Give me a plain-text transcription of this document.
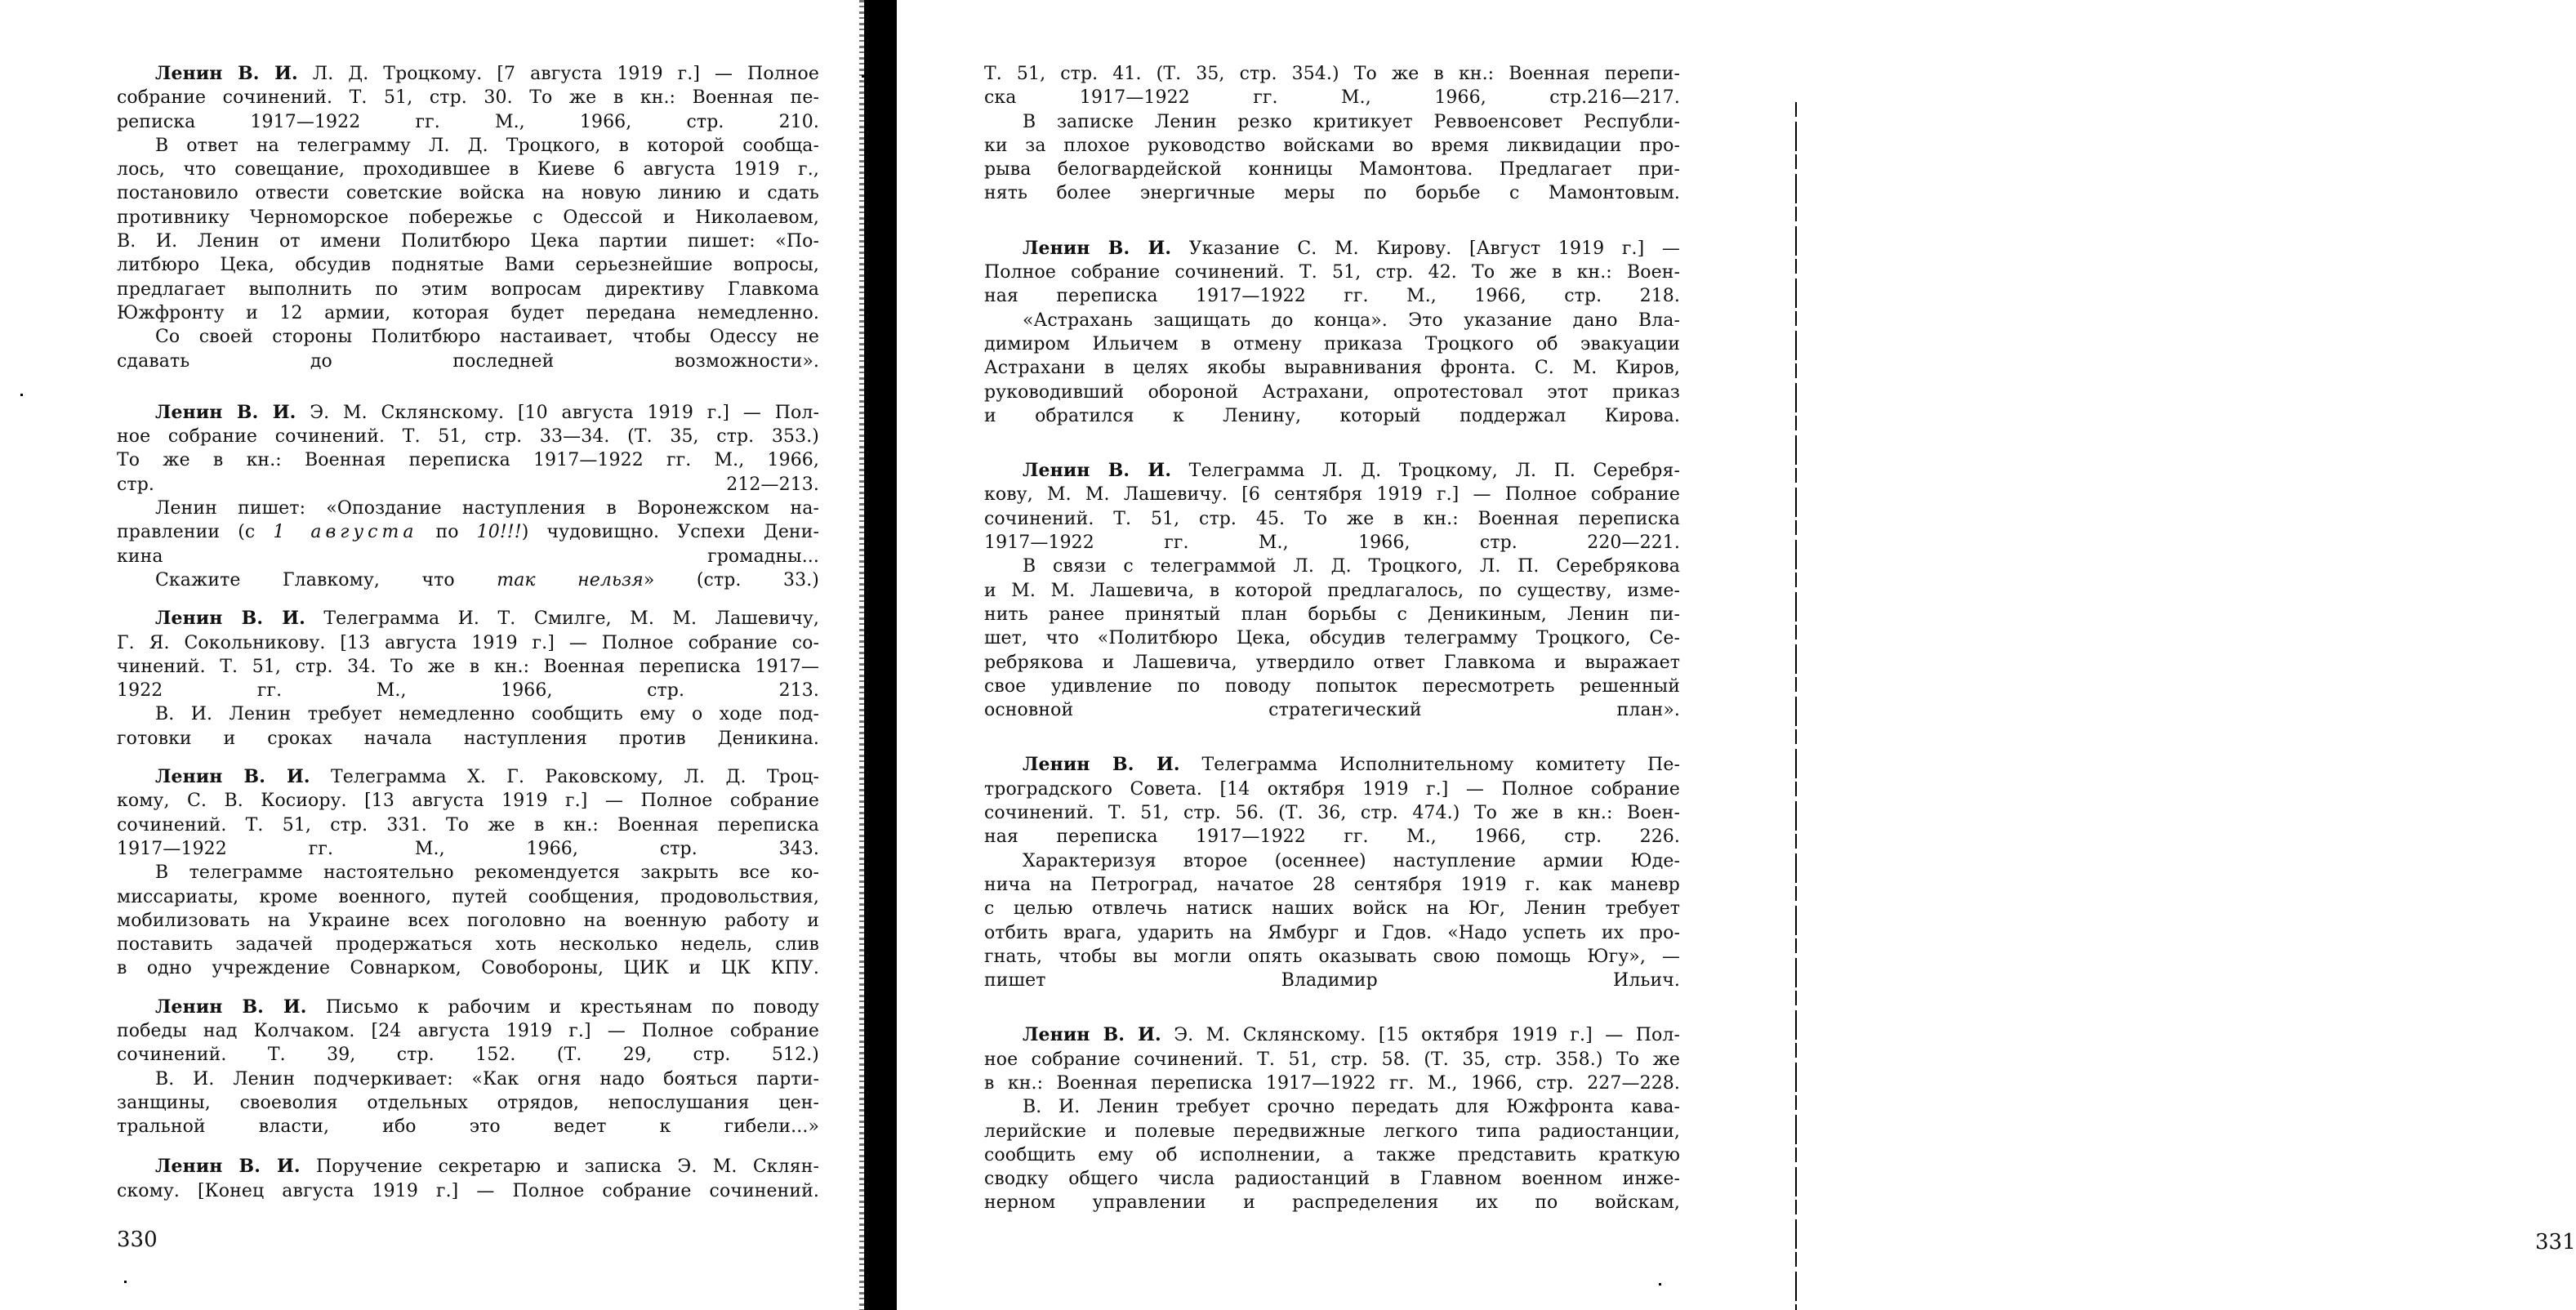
Ленин В. И. Л. Д. Троцкому. [7 августа 1919 г.] — Полное
собрание сочинений. Т. 51, стр. 30. То же в кн.: Военная пе-
реписка 1917—1922 гг. М., 1966, стр. 210.
В ответ на телеграмму Л. Д. Троцкого, в которой сообща-
лось, что совещание, проходившее в Киеве 6 августа 1919 г.,
постановило отвести советские войска на новую линию и сдать
противнику Черноморское побережье с Одессой и Николаевом,
В. И. Ленин от имени Политбюро Цека партии пишет: «По-
литбюро Цека, обсудив поднятые Вами серьезнейшие вопросы,
предлагает выполнить по этим вопросам директиву Главкома
Южфронту и 12 армии, которая будет передана немедленно.
Со своей стороны Политбюро настаивает, чтобы Одессу не
сдавать до последней возможности».
Ленин В. И. Э. М. Склянскому. [10 августа 1919 г.] — Пол-
ное собрание сочинений. Т. 51, стр. 33—34. (Т. 35, стр. 353.)
То же в кн.: Военная переписка 1917—1922 гг. М., 1966,
стр. 212—213.
Ленин пишет: «Опоздание наступления в Воронежском на-
правлении (с 1 августа по 10!!!) чудовищно. Успехи Дени-
кина громадны...
Скажите Главкому, что так нельзя» (стр. 33.)
Ленин В. И. Телеграмма И. Т. Смилге, М. М. Лашевичу,
Г. Я. Сокольникову. [13 августа 1919 г.] — Полное собрание со-
чинений. Т. 51, стр. 34. То же в кн.: Военная переписка 1917—
1922 гг. М., 1966, стр. 213.
В. И. Ленин требует немедленно сообщить ему о ходе под-
готовки и сроках начала наступления против Деникина.
Ленин В. И. Телеграмма Х. Г. Раковскому, Л. Д. Троц-
кому, С. В. Косиору. [13 августа 1919 г.] — Полное собрание
сочинений. Т. 51, стр. 331. То же в кн.: Военная переписка
1917—1922 гг. М., 1966, стр. 343.
В телеграмме настоятельно рекомендуется закрыть все ко-
миссариаты, кроме военного, путей сообщения, продовольствия,
мобилизовать на Украине всех поголовно на военную работу и
поставить задачей продержаться хоть несколько недель, слив
в одно учреждение Совнарком, Совобороны, ЦИК и ЦК КПУ.
Ленин В. И. Письмо к рабочим и крестьянам по поводу
победы над Колчаком. [24 августа 1919 г.] — Полное собрание
сочинений. Т. 39, стр. 152. (Т. 29, стр. 512.)
В. И. Ленин подчеркивает: «Как огня надо бояться парти-
занщины, своеволия отдельных отрядов, непослушания цен-
тральной власти, ибо это ведет к гибели...»
Ленин В. И. Поручение секретарю и записка Э. М. Склян-
скому. [Конец августа 1919 г.] — Полное собрание сочинений.
330	331
Т. 51, стр. 41. (Т. 35, стр. 354.) То же в кн.: Военная перепи-
ска 1917—1922 гг. М., 1966, стр.216—217.
В записке Ленин резко критикует Реввоенсовет Республи-
ки за плохое руководство войсками во время ликвидации про-
рыва белогвардейской конницы Мамонтова. Предлагает при-
нять более энергичные меры по борьбе с Мамонтовым.
Ленин В. И. Указание С. М. Кирову. [Август 1919 г.] —
Полное собрание сочинений. Т. 51, стр. 42. То же в кн.: Воен-
ная переписка 1917—1922 гг. М., 1966, стр. 218.
«Астрахань защищать до конца». Это указание дано Вла-
димиром Ильичем в отмену приказа Троцкого об эвакуации
Астрахани в целях якобы выравнивания фронта. С. М. Киров,
руководивший обороной Астрахани, опротестовал этот приказ
и обратился к Ленину, который поддержал Кирова.
Ленин В. И. Телеграмма Л. Д. Троцкому, Л. П. Серебря-
кову, М. М. Лашевичу. [6 сентября 1919 г.] — Полное собрание
сочинений. Т. 51, стр. 45. То же в кн.: Военная переписка
1917—1922 гг. М., 1966, стр. 220—221.
В связи с телеграммой Л. Д. Троцкого, Л. П. Серебрякова
и М. М. Лашевича, в которой предлагалось, по существу, изме-
нить ранее принятый план борьбы с Деникиным, Ленин пи-
шет, что «Политбюро Цека, обсудив телеграмму Троцкого, Се-
ребрякова и Лашевича, утвердило ответ Главкома и выражает
свое удивление по поводу попыток пересмотреть решенный
основной стратегический план».
Ленин В. И. Телеграмма Исполнительному комитету Пе-
троградского Совета. [14 октября 1919 г.] — Полное собрание
сочинений. Т. 51, стр. 56. (Т. 36, стр. 474.) То же в кн.: Воен-
ная переписка 1917—1922 гг. М., 1966, стр. 226.
Характеризуя второе (осеннее) наступление армии Юде-
нича на Петроград, начатое 28 сентября 1919 г. как маневр
с целью отвлечь натиск наших войск на Юг, Ленин требует
отбить врага, ударить на Ямбург и Гдов. «Надо успеть их про-
гнать, чтобы вы могли опять оказывать свою помощь Югу», —
пишет Владимир Ильич.
Ленин В. И. Э. М. Склянскому. [15 октября 1919 г.] — Пол-
ное собрание сочинений. Т. 51, стр. 58. (Т. 35, стр. 358.) То же
в кн.: Военная переписка 1917—1922 гг. М., 1966, стр. 227—228.
В. И. Ленин требует срочно передать для Южфронта кава-
лерийские и полевые передвижные легкого типа радиостанции,
сообщить ему об исполнении, а также представить краткую
сводку общего числа радиостанций в Главном военном инже-
нерном управлении и распределения их по войскам,
